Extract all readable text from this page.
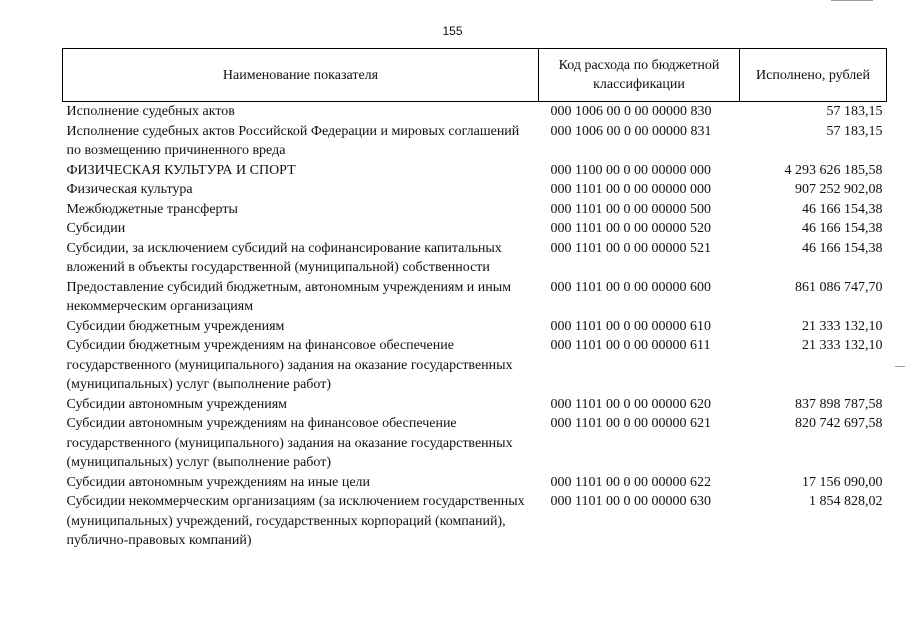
155
Наименование показателя	Код расхода по бюджетной классификации	Исполнено, рублей
Исполнение судебных актов	000 1006 00 0 00 00000 830	57 183,15
Исполнение судебных актов Российской Федерации и мировых соглашений по возмещению причиненного вреда	000 1006 00 0 00 00000 831	57 183,15
ФИЗИЧЕСКАЯ КУЛЬТУРА И СПОРТ	000 1100 00 0 00 00000 000	4 293 626 185,58
Физическая культура	000 1101 00 0 00 00000 000	907 252 902,08
Межбюджетные трансферты	000 1101 00 0 00 00000 500	46 166 154,38
Субсидии	000 1101 00 0 00 00000 520	46 166 154,38
Субсидии, за исключением субсидий на софинансирование капитальных вложений в объекты государственной (муниципальной) собственности	000 1101 00 0 00 00000 521	46 166 154,38
Предоставление субсидий бюджетным, автономным учреждениям и иным некоммерческим организациям	000 1101 00 0 00 00000 600	861 086 747,70
Субсидии бюджетным учреждениям	000 1101 00 0 00 00000 610	21 333 132,10
Субсидии бюджетным учреждениям на финансовое обеспечение государственного (муниципального) задания на оказание государственных (муниципальных) услуг (выполнение работ)	000 1101 00 0 00 00000 611	21 333 132,10
Субсидии автономным учреждениям	000 1101 00 0 00 00000 620	837 898 787,58
Субсидии автономным учреждениям на финансовое обеспечение государственного (муниципального) задания на оказание государственных (муниципальных) услуг (выполнение работ)	000 1101 00 0 00 00000 621	820 742 697,58
Субсидии автономным учреждениям на иные цели	000 1101 00 0 00 00000 622	17 156 090,00
Субсидии некоммерческим организациям (за исключением государственных (муниципальных) учреждений, государственных корпораций (компаний), публично-правовых компаний)	000 1101 00 0 00 00000 630	1 854 828,02
